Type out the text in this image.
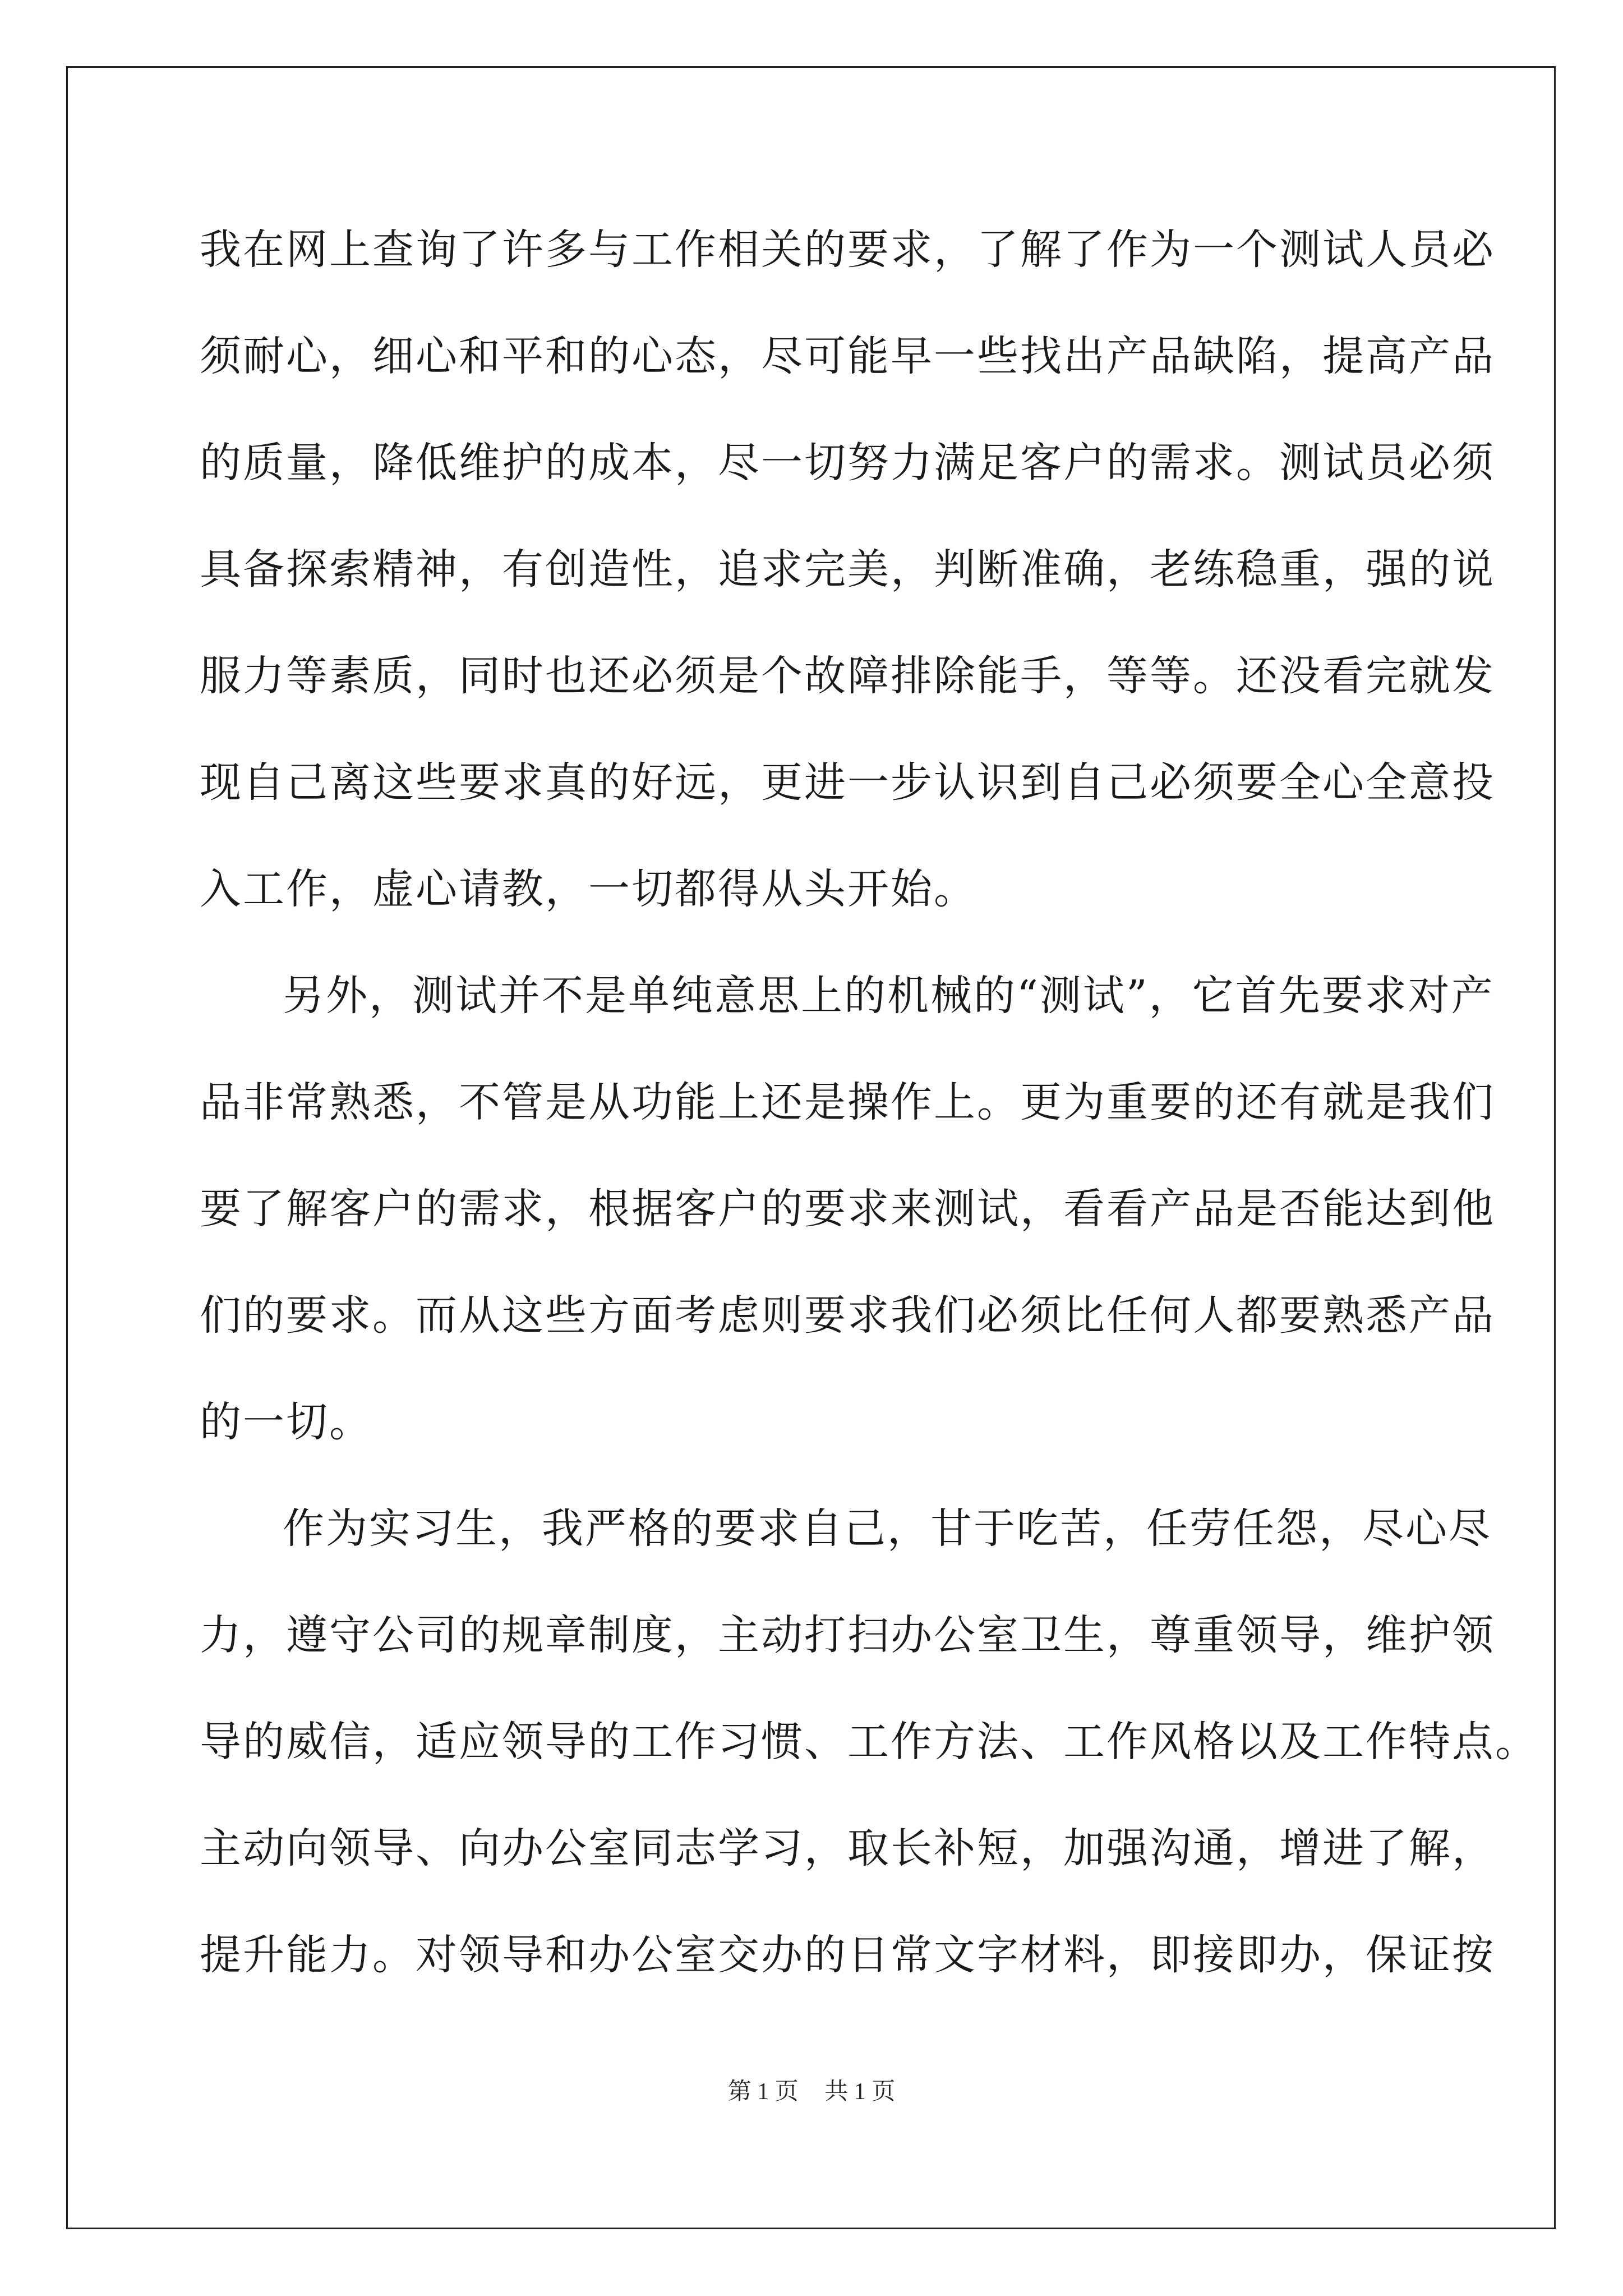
我在网上查询了许多与工作相关的要求，了解了作为一个测试人员必
须耐心，细心和平和的心态，尽可能早一些找出产品缺陷，提高产品
的质量，降低维护的成本，尽一切努力满足客户的需求。测试员必须
具备探索精神，有创造性，追求完美，判断准确，老练稳重，强的说
服力等素质，同时也还必须是个故障排除能手，等等。还没看完就发
现自己离这些要求真的好远，更进一步认识到自己必须要全心全意投
入工作，虚心请教，一切都得从头开始。
另外，测试并不是单纯意思上的机械的“测试”，它首先要求对产
品非常熟悉，不管是从功能上还是操作上。更为重要的还有就是我们
要了解客户的需求，根据客户的要求来测试，看看产品是否能达到他
们的要求。而从这些方面考虑则要求我们必须比任何人都要熟悉产品
的一切。
作为实习生，我严格的要求自己，甘于吃苦，任劳任怨，尽心尽
力，遵守公司的规章制度，主动打扫办公室卫生，尊重领导，维护领
导的威信，适应领导的工作习惯、工作方法、工作风格以及工作特点。
主动向领导、向办公室同志学习，取长补短，加强沟通，增进了解，
提升能力。对领导和办公室交办的日常文字材料，即接即办，保证按
第 1 页 共 1 页
